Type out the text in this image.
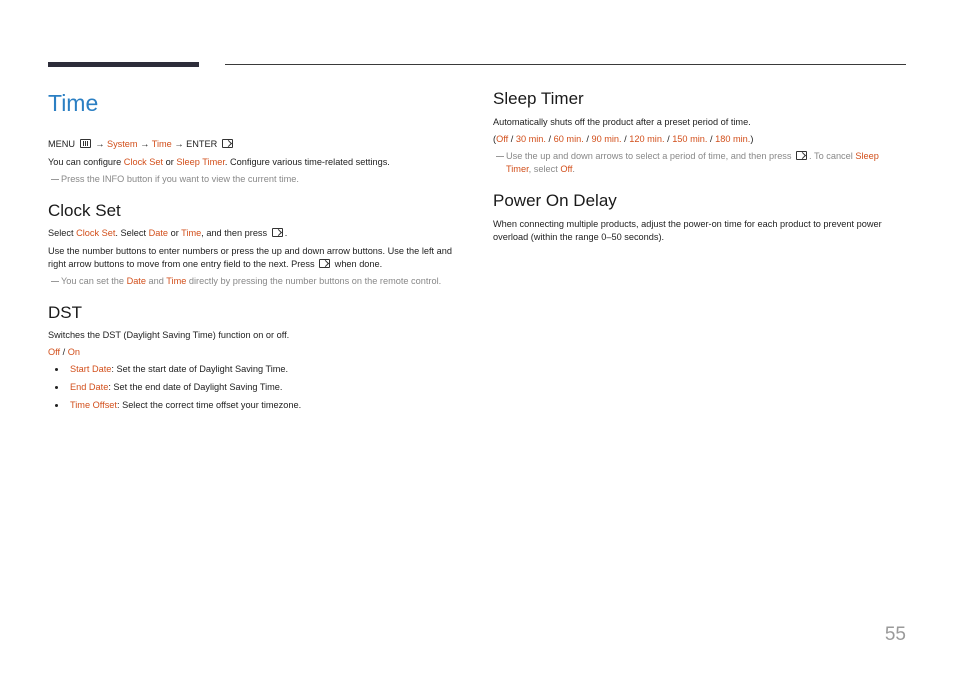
Time

MENU → System → Time → ENTER

You can configure Clock Set or Sleep Timer. Configure various time-related settings.

Press the INFO button if you want to view the current time.

Clock Set

Select Clock Set. Select Date or Time, and then press .

Use the number buttons to enter numbers or press the up and down arrow buttons. Use the left and right arrow buttons to move from one entry field to the next. Press  when done.

You can set the Date and Time directly by pressing the number buttons on the remote control.

DST

Switches the DST (Daylight Saving Time) function on or off.

Off / On

Start Date: Set the start date of Daylight Saving Time.
End Date: Set the end date of Daylight Saving Time.
Time Offset: Select the correct time offset your timezone.
Sleep Timer

Automatically shuts off the product after a preset period of time.

(Off / 30 min. / 60 min. / 90 min. / 120 min. / 150 min. / 180 min.)

Use the up and down arrows to select a period of time, and then press . To cancel Sleep Timer, select Off.

Power On Delay

When connecting multiple products, adjust the power-on time for each product to prevent power overload (within the range 0–50 seconds).

55
